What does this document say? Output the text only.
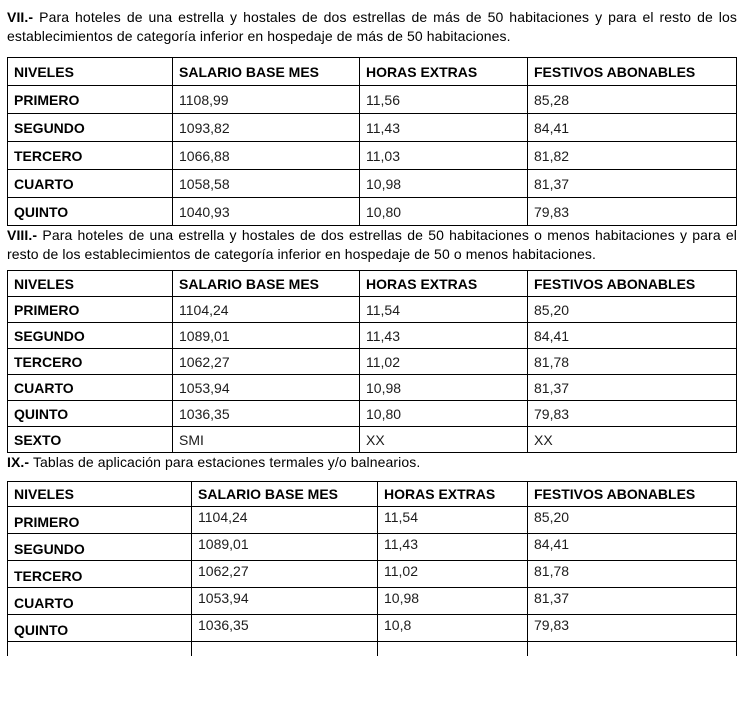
VII.- Para hoteles de una estrella y hostales de dos estrellas de más de 50 habitaciones y para el resto de los establecimientos de categoría inferior en hospedaje de más de 50 habitaciones.

NIVELES	SALARIO BASE MES	HORAS EXTRAS	FESTIVOS ABONABLES
PRIMERO	1108,99	11,56	85,28
SEGUNDO	1093,82	11,43	84,41
TERCERO	1066,88	11,03	81,82
CUARTO	1058,58	10,98	81,37
QUINTO	1040,93	10,80	79,83

VIII.- Para hoteles de una estrella y hostales de dos estrellas de 50 habitaciones o menos habitaciones y para el resto de los establecimientos de categoría inferior en hospedaje de 50 o menos habitaciones.

NIVELES	SALARIO BASE MES	HORAS EXTRAS	FESTIVOS ABONABLES
PRIMERO	1104,24	11,54	85,20
SEGUNDO	1089,01	11,43	84,41
TERCERO	1062,27	11,02	81,78
CUARTO	1053,94	10,98	81,37
QUINTO	1036,35	10,80	79,83
SEXTO	SMI	XX	XX

IX.- Tablas de aplicación para estaciones termales y/o balnearios.

NIVELES	SALARIO BASE MES	HORAS EXTRAS	FESTIVOS ABONABLES
PRIMERO	1104,24	11,54	85,20
SEGUNDO	1089,01	11,43	84,41
TERCERO	1062,27	11,02	81,78
CUARTO	1053,94	10,98	81,37
QUINTO	1036,35	10,8	79,83
